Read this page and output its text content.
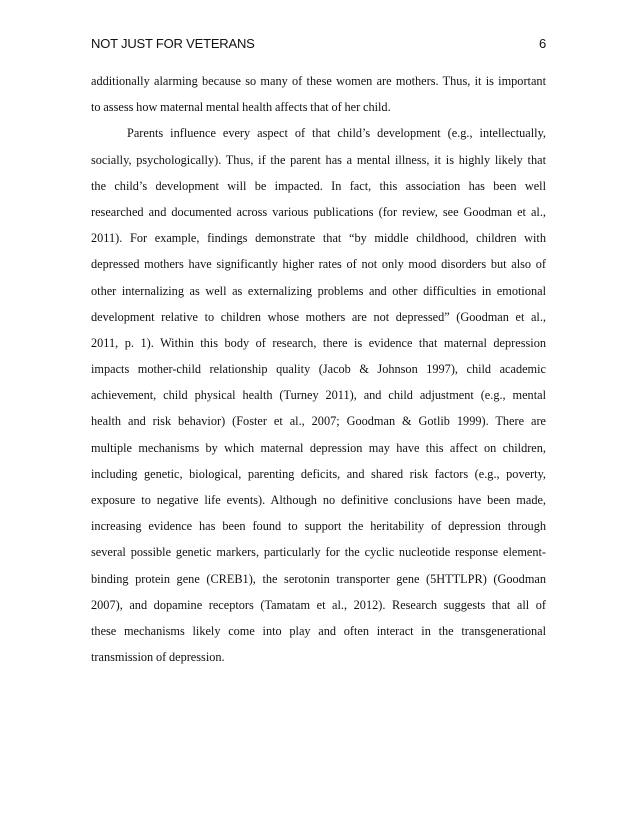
NOT JUST FOR VETERANS	6
additionally alarming because so many of these women are mothers. Thus, it is important
to assess how maternal mental health affects that of her child.
Parents influence every aspect of that child’s development (e.g., intellectually,
socially, psychologically). Thus, if the parent has a mental illness, it is highly likely that
the child’s development will be impacted. In fact, this association has been well
researched and documented across various publications (for review, see Goodman et al.,
2011). For example, findings demonstrate that “by middle childhood, children with
depressed mothers have significantly higher rates of not only mood disorders but also of
other internalizing as well as externalizing problems and other difficulties in emotional
development relative to children whose mothers are not depressed” (Goodman et al.,
2011, p. 1). Within this body of research, there is evidence that maternal depression
impacts mother-child relationship quality (Jacob & Johnson 1997), child academic
achievement, child physical health (Turney 2011), and child adjustment (e.g., mental
health and risk behavior) (Foster et al., 2007; Goodman & Gotlib 1999). There are
multiple mechanisms by which maternal depression may have this affect on children,
including genetic, biological, parenting deficits, and shared risk factors (e.g., poverty,
exposure to negative life events). Although no definitive conclusions have been made,
increasing evidence has been found to support the heritability of depression through
several possible genetic markers, particularly for the cyclic nucleotide response element-
binding protein gene (CREB1), the serotonin transporter gene (5HTTLPR) (Goodman
2007), and dopamine receptors (Tamatam et al., 2012). Research suggests that all of
these mechanisms likely come into play and often interact in the transgenerational
transmission of depression.
